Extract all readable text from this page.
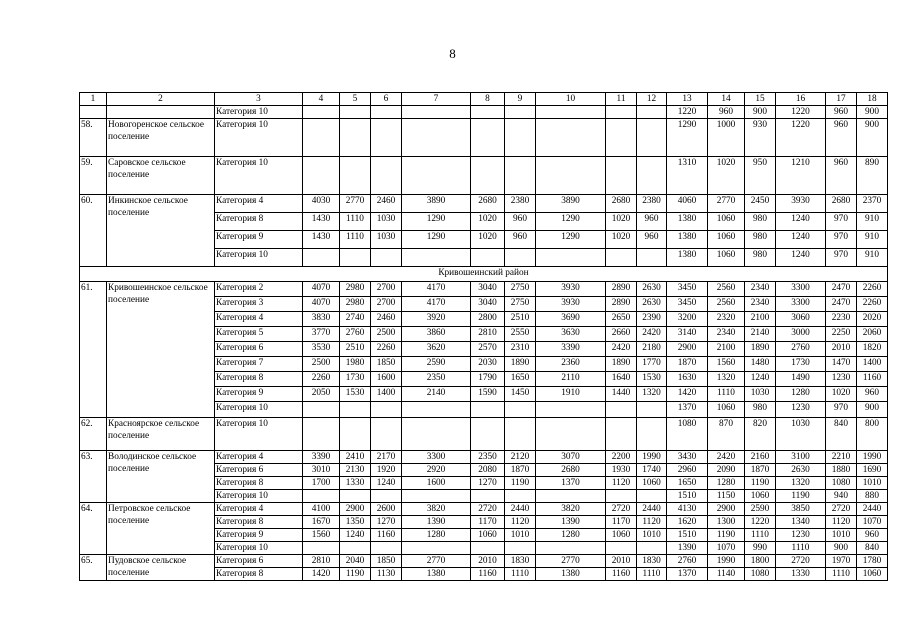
8
1	2	3	4	5	6	7	8	9	10	11	12	13	14	15	16	17	18
		Категория 10										1220	960	900	1220	960	900
58.	Новогоренское сельское поселение	Категория 10										1290	1000	930	1220	960	900
59.	Саровское сельское поселение	Категория 10										1310	1020	950	1210	960	890
60.	Инкинское сельское поселение	Категория 4	4030	2770	2460	3890	2680	2380	3890	2680	2380	4060	2770	2450	3930	2680	2370
		Категория 8	1430	1110	1030	1290	1020	960	1290	1020	960	1380	1060	980	1240	970	910
		Категория 9	1430	1110	1030	1290	1020	960	1290	1020	960	1380	1060	980	1240	970	910
		Категория 10										1380	1060	980	1240	970	910
Кривошеинский район																	
61.	Кривошеинское сельское поселение	Категория 2	4070	2980	2700	4170	3040	2750	3930	2890	2630	3450	2560	2340	3300	2470	2260
		Категория 3	4070	2980	2700	4170	3040	2750	3930	2890	2630	3450	2560	2340	3300	2470	2260
		Категория 4	3830	2740	2460	3920	2800	2510	3690	2650	2390	3200	2320	2100	3060	2230	2020
		Категория 5	3770	2760	2500	3860	2810	2550	3630	2660	2420	3140	2340	2140	3000	2250	2060
		Категория 6	3530	2510	2260	3620	2570	2310	3390	2420	2180	2900	2100	1890	2760	2010	1820
		Категория 7	2500	1980	1850	2590	2030	1890	2360	1890	1770	1870	1560	1480	1730	1470	1400
		Категория 8	2260	1730	1600	2350	1790	1650	2110	1640	1530	1630	1320	1240	1490	1230	1160
		Категория 9	2050	1530	1400	2140	1590	1450	1910	1440	1320	1420	1110	1030	1280	1020	960
		Категория 10										1370	1060	980	1230	970	900
62.	Красноярское сельское поселение	Категория 10										1080	870	820	1030	840	800
63.	Володинское сельское поселение	Категория 4	3390	2410	2170	3300	2350	2120	3070	2200	1990	3430	2420	2160	3100	2210	1990
		Категория 6	3010	2130	1920	2920	2080	1870	2680	1930	1740	2960	2090	1870	2630	1880	1690
		Категория 8	1700	1330	1240	1600	1270	1190	1370	1120	1060	1650	1280	1190	1320	1080	1010
		Категория 10										1510	1150	1060	1190	940	880
64.	Петровское сельское поселение	Категория 4	4100	2900	2600	3820	2720	2440	3820	2720	2440	4130	2900	2590	3850	2720	2440
		Категория 8	1670	1350	1270	1390	1170	1120	1390	1170	1120	1620	1300	1220	1340	1120	1070
		Категория 9	1560	1240	1160	1280	1060	1010	1280	1060	1010	1510	1190	1110	1230	1010	960
		Категория 10										1390	1070	990	1110	900	840
65.	Пудовское сельское поселение	Категория 6	2810	2040	1850	2770	2010	1830	2770	2010	1830	2760	1990	1800	2720	1970	1780
		Категория 8	1420	1190	1130	1380	1160	1110	1380	1160	1110	1370	1140	1080	1330	1110	1060
